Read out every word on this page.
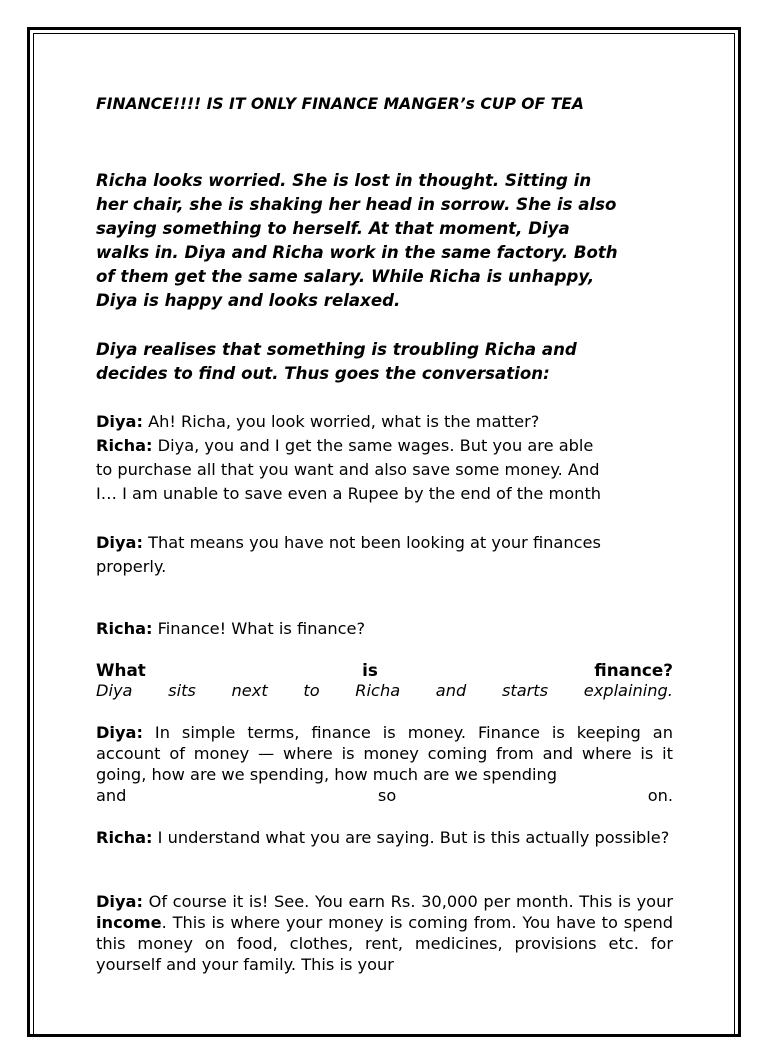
FINANCE!!!! IS IT ONLY FINANCE MANGER’s CUP OF TEA
Richa looks worried. She is lost in thought. Sitting in
her chair, she is shaking her head in sorrow. She is also
saying something to herself. At that moment, Diya
walks in. Diya and Richa work in the same factory. Both
of them get the same salary. While Richa is unhappy,
Diya is happy and looks relaxed.
Diya realises that something is troubling Richa and
decides to find out. Thus goes the conversation:
Diya: Ah! Richa, you look worried, what is the matter?
Richa: Diya, you and I get the same wages. But you are able
to purchase all that you want and also save some money. And
I… I am unable to save even a Rupee by the end of the month
Diya: That means you have not been looking at your finances
properly.
Richa: Finance! What is finance?
What	is	finance?
Diya sits next to Richa and starts explaining.
Diya: In simple terms, finance is money. Finance is keeping an account of money — where is money coming from and where is it going, how are we spending, how much are we spending
and	so	on.
Richa: I understand what you are saying. But is this actually possible?
Diya: Of course it is! See. You earn Rs. 30,000 per month. This is your income. This is where your money is coming from. You have to spend this money on food, clothes, rent, medicines, provisions etc. for yourself and your family. This is your
